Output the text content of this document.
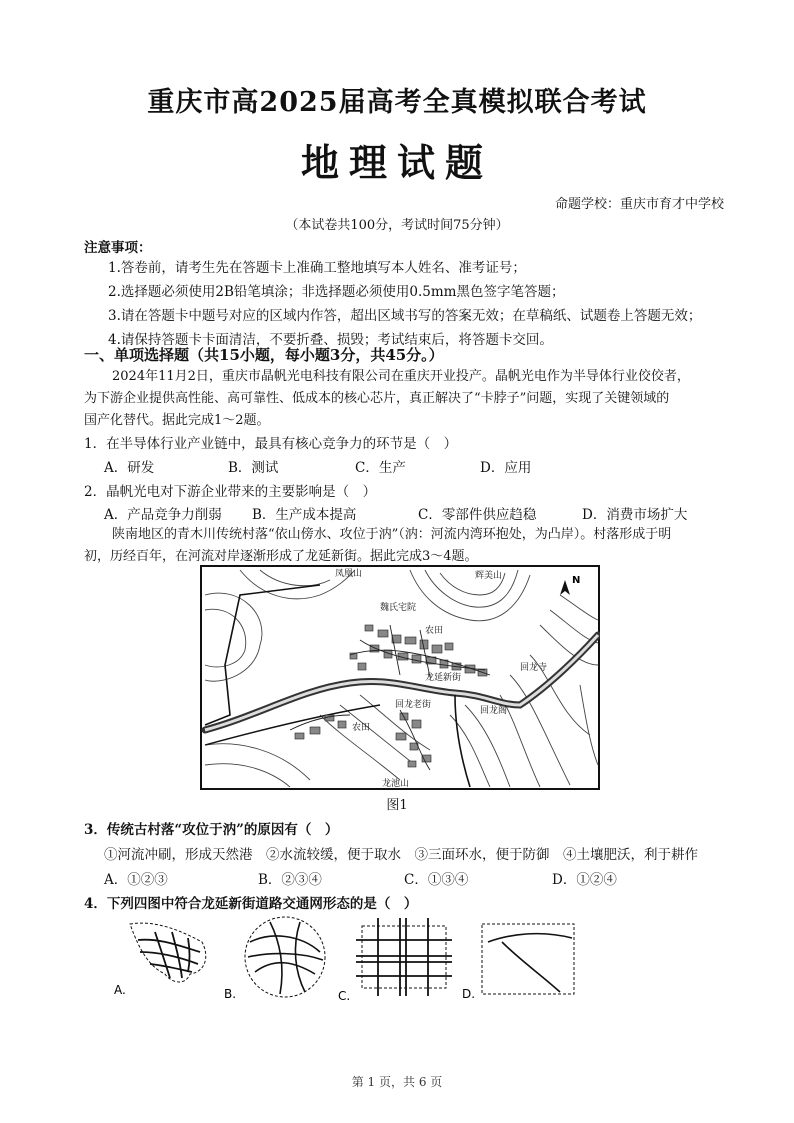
重庆市高2025届高考全真模拟联合考试
地理试题
命题学校：重庆市育才中学校
（本试卷共100分，考试时间75分钟）
注意事项：
1.答卷前，请考生先在答题卡上准确工整地填写本人姓名、准考证号；
2.选择题必须使用2B铅笔填涂；非选择题必须使用0.5mm黑色签字笔答题；
3.请在答题卡中题号对应的区域内作答，超出区域书写的答案无效；在草稿纸、试题卷上答题无效；
4.请保持答题卡卡面清洁，不要折叠、损毁；考试结束后，将答题卡交回。
一、单项选择题（共15小题，每小题3分，共45分。）
2024年11月2日，重庆市晶帆光电科技有限公司在重庆开业投产。晶帆光电作为半导体行业佼佼者，
为下游企业提供高性能、高可靠性、低成本的核心芯片，真正解决了“卡脖子”问题，实现了关键领域的
国产化替代。据此完成1～2题。
1．在半导体行业产业链中，最具有核心竞争力的环节是（　）
A．研发	B．测试	C．生产	D．应用
2．晶帆光电对下游企业带来的主要影响是（　）
A．产品竞争力削弱 B．生产成本提高	C．零部件供应趋稳	D．消费市场扩大
陕南地区的青木川传统村落“依山傍水、攻位于汭”（汭：河流内湾环抱处，为凸岸）。村落形成于明
初，历经百年，在河流对岸逐渐形成了龙延新街。据此完成3～4题。
N
凤凰山	辉美山
龙池山
魏氏宅院
农田
龙延新街
回龙寺
回龙老街
回龙阁
农田
图1
3．传统古村落“攻位于汭”的原因有（　）
①河流冲刷，形成天然港　②水流较缓，便于取水　③三面环水，便于防御　④土壤肥沃，利于耕作
A．①②③	B．②③④	C．①③④	D．①②④
4．下列四图中符合龙延新街道路交通网形态的是（　）
A.	B.	C.	D.
第 1 页，共 6 页
